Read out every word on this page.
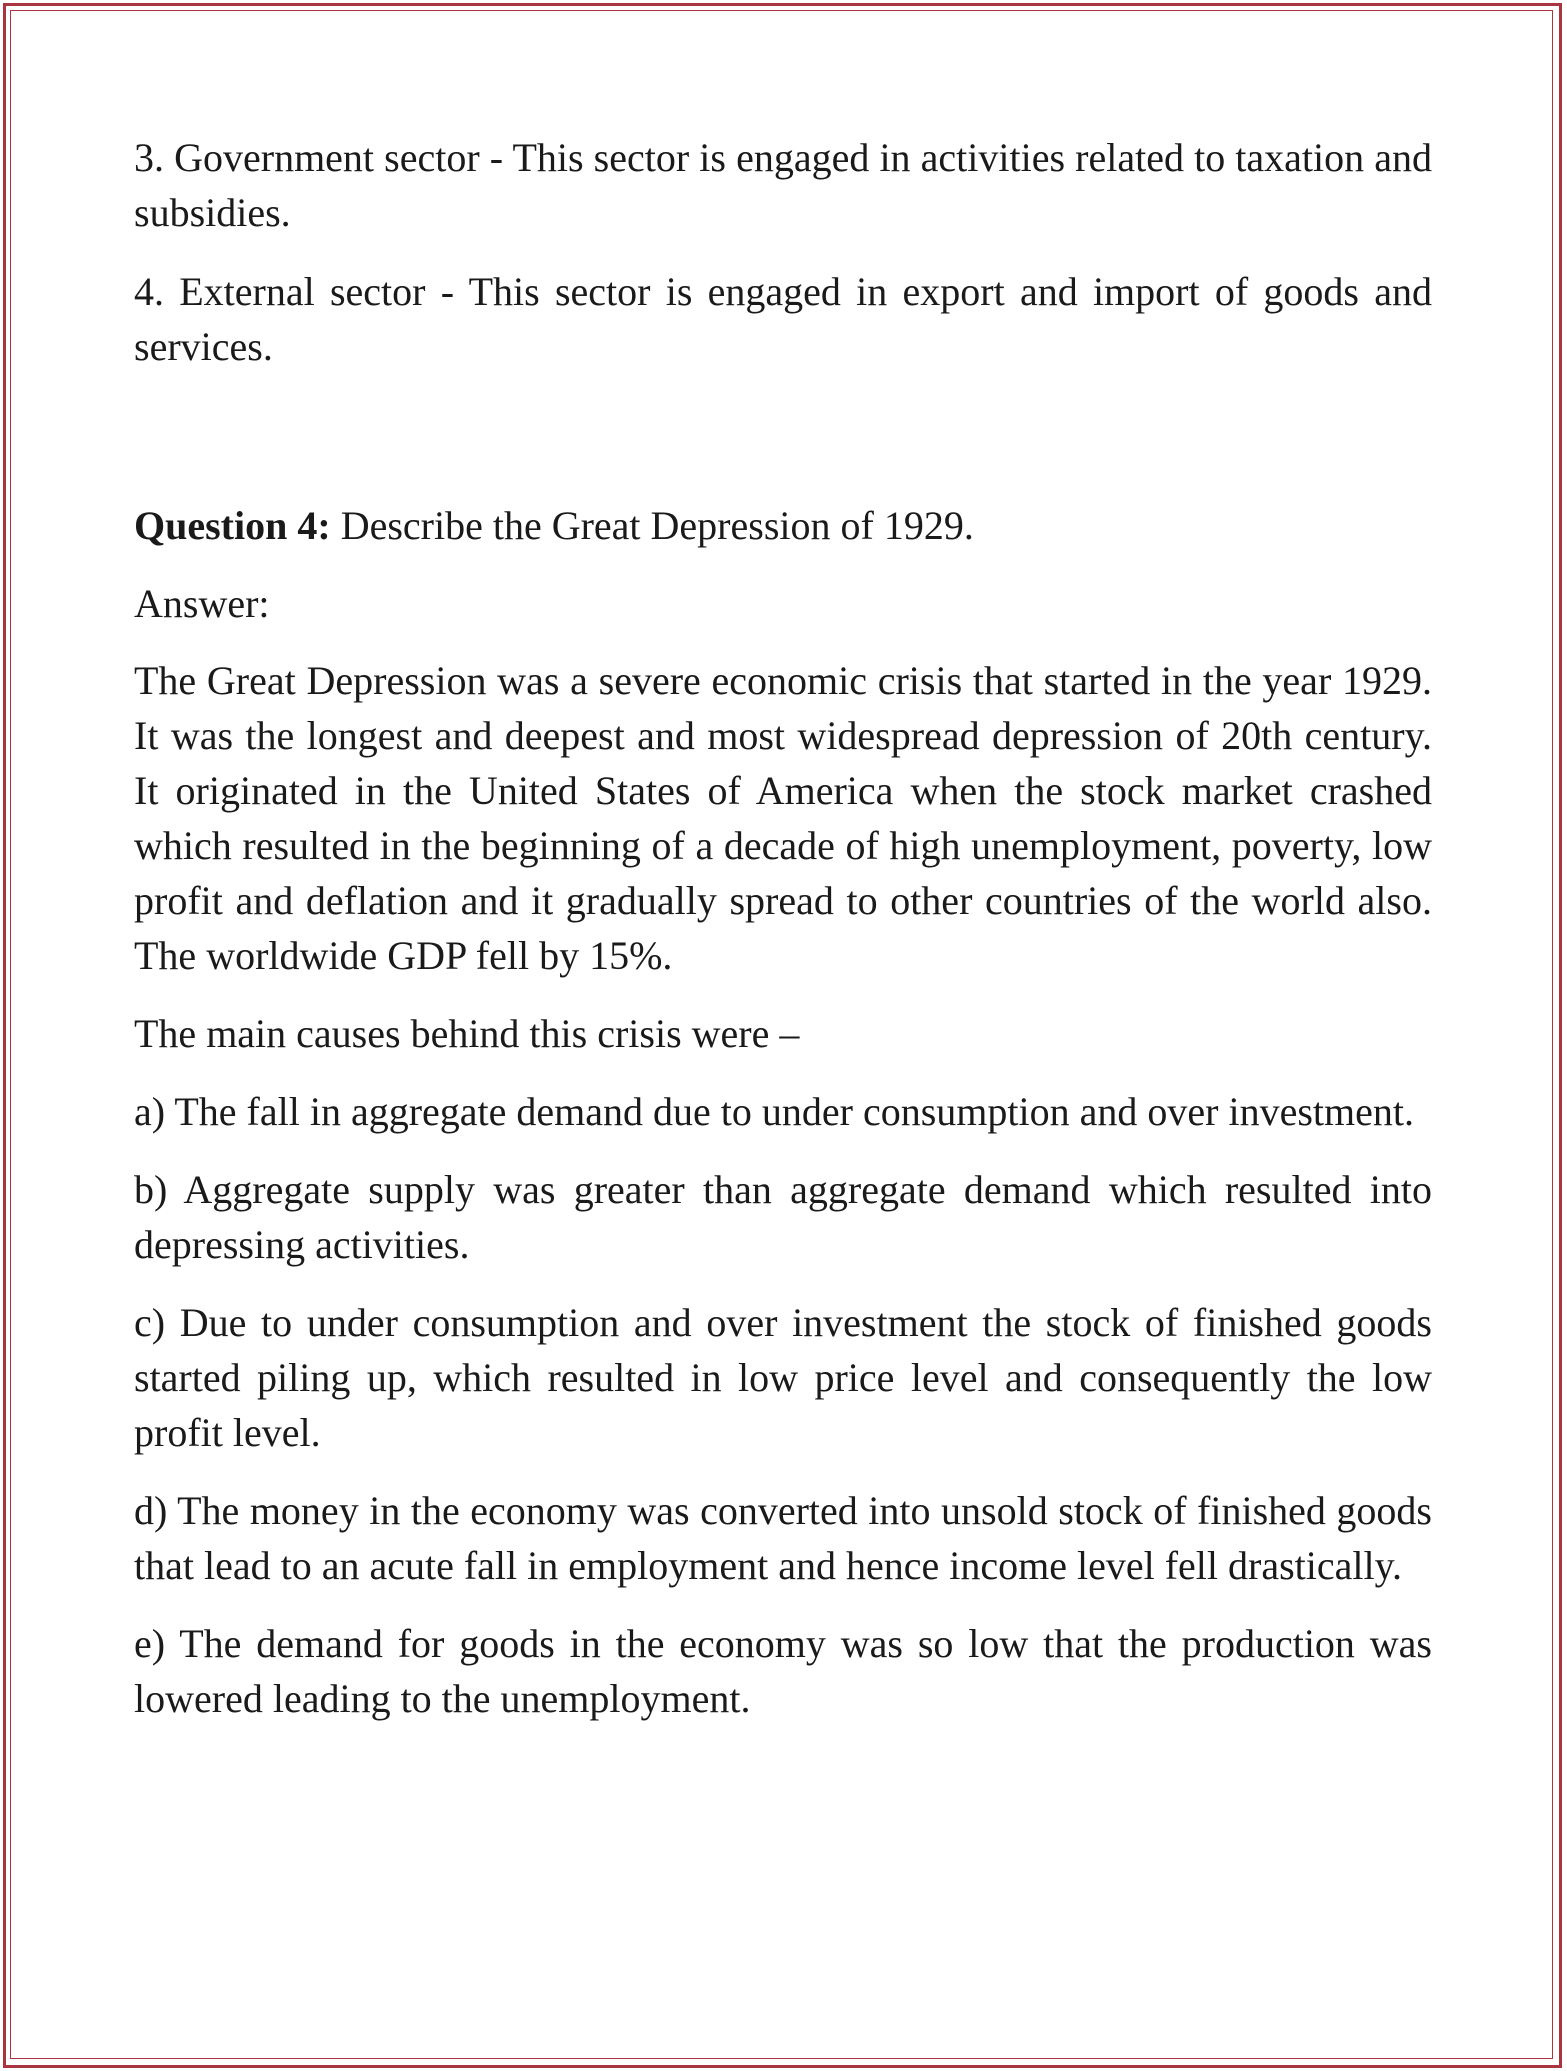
3. Government sector - This sector is engaged in activities related to taxation and subsidies.

4. External sector - This sector is engaged in export and import of goods and services.

Question 4: Describe the Great Depression of 1929.

Answer:

The Great Depression was a severe economic crisis that started in the year 1929. It was the longest and deepest and most widespread depression of 20th century. It originated in the United States of America when the stock market crashed which resulted in the beginning of a decade of high unemployment, poverty, low profit and deflation and it gradually spread to other countries of the world also. The worldwide GDP fell by 15%.

The main causes behind this crisis were –

a) The fall in aggregate demand due to under consumption and over investment.

b) Aggregate supply was greater than aggregate demand which resulted into depressing activities.

c) Due to under consumption and over investment the stock of finished goods started piling up, which resulted in low price level and consequently the low profit level.

d) The money in the economy was converted into unsold stock of finished goods that lead to an acute fall in employment and hence income level fell drastically.

e) The demand for goods in the economy was so low that the production was lowered leading to the unemployment.
